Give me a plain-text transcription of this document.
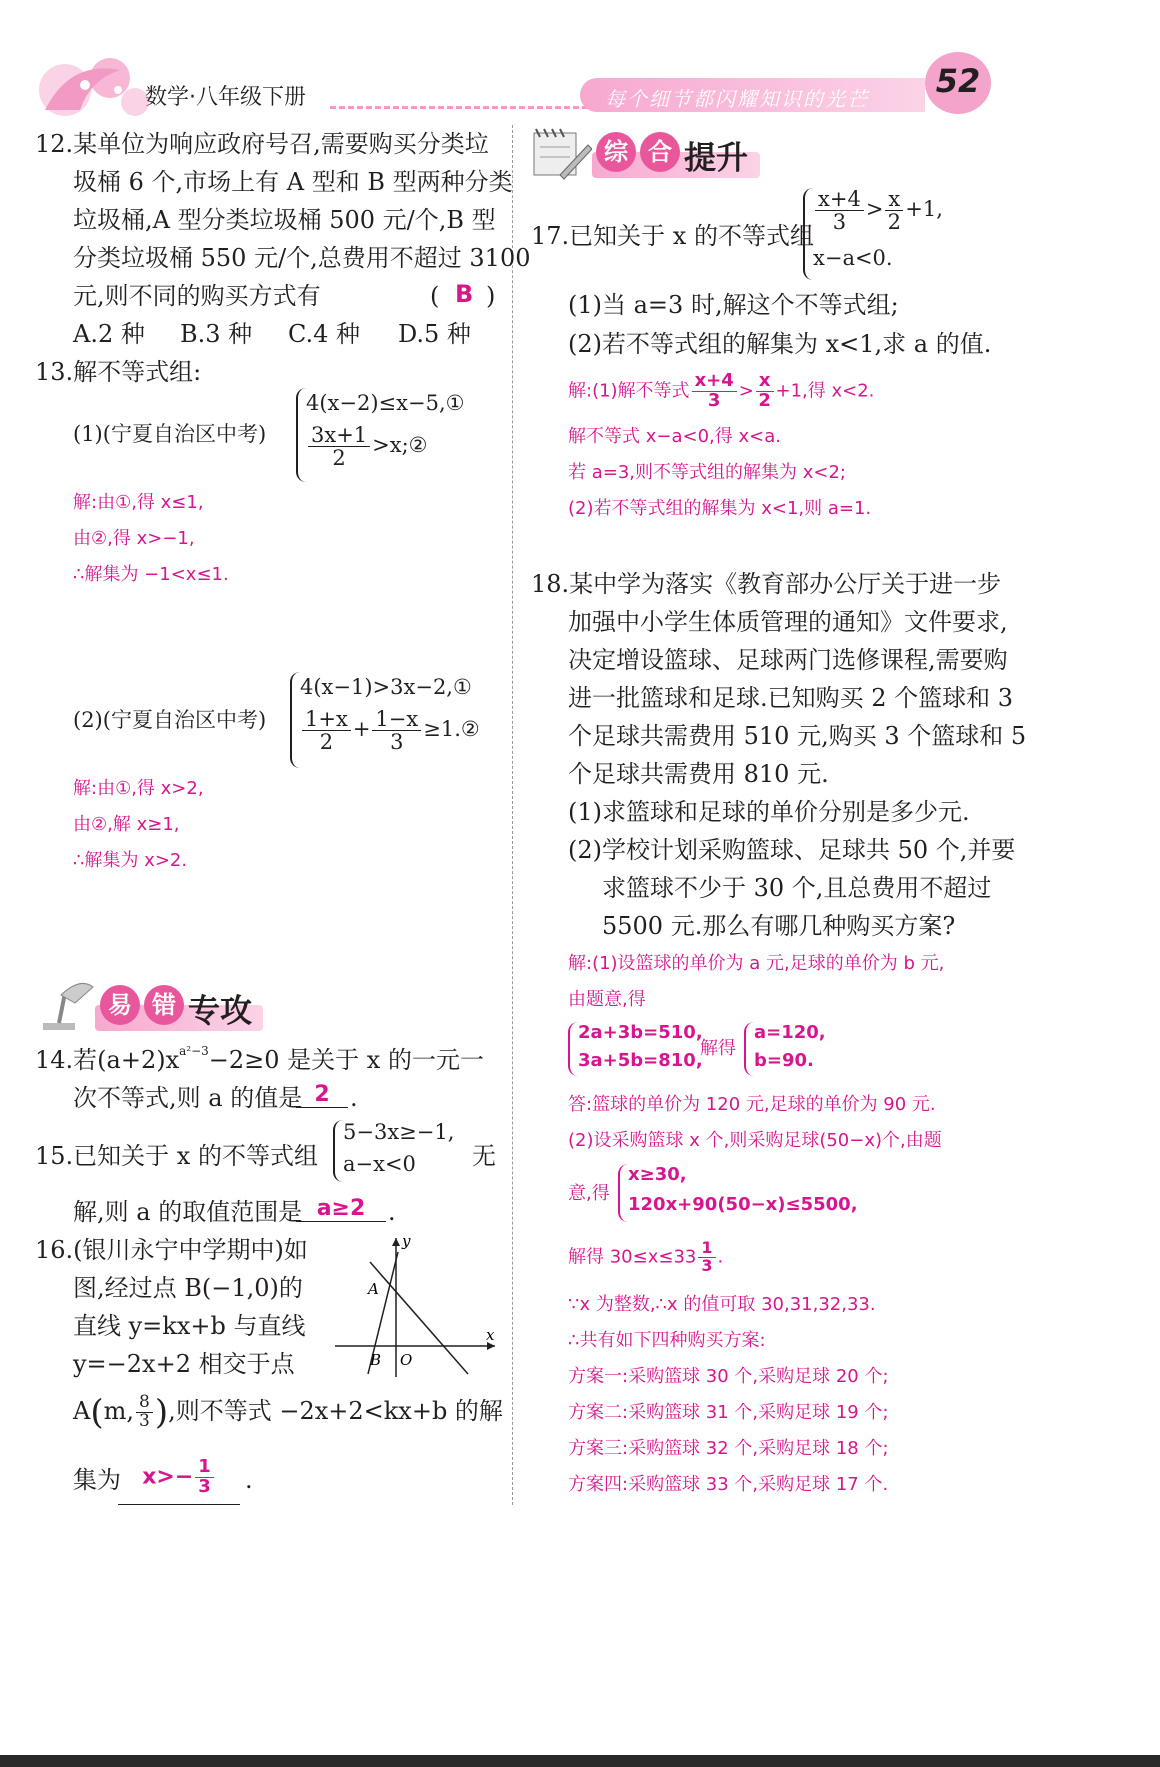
数学·八年级下册	每个细节都闪耀知识的光芒 52
12.某单位为响应政府号召,需要购买分类垃
圾桶 6 个,市场上有 A 型和 B 型两种分类
垃圾桶,A 型分类垃圾桶 500 元/个,B 型
分类垃圾桶 550 元/个,总费用不超过 3100
元,则不同的购买方式有	( B )
A.2 种 B.3 种 C.4 种 D.5 种
13.解不等式组:
(1)(宁夏自治区中考)
4(x−2)≤x−5,①
$\frac{3x+1}{2}$ >x;②
解:由①,得 x≤1,
由②,得 x>−1,
∴解集为 −1<x≤1.
(2)(宁夏自治区中考)
4(x−1)>3x−2,①
$\frac{1+x}{2} + \frac{1-x}{3}$ ≥1.②
解:由①,得 x>2,
由②,解 x≥1,
∴解集为 x>2.
易 错 专攻
14.若$(a+2)x^{a^2-3}-2\ge 0$ 是关于 x 的一元一
次不等式,则 a 的值是 2 .
15.已知关于 x 的不等式组
5−3x≥−1,
a−x<0	无
解,则 a 的取值范围是 a≥2 .
16.(银川永宁中学期中)如
图,经过点 B(−1,0)的
直线 y=kx+b 与直线
y=−2x+2 相交于点
A(m, $\frac{8}{3}$ ),则不等式 −2x+2<kx+b 的解
集为 $x>- \frac{1}{3}$ .
y
x
A
B O
综 合 提升
17.已知关于 x 的不等式组
$\frac{x+4}{3} > \frac{x}{2} +1$,
x−a<0.
(1)当 a=3 时,解这个不等式组;
(2)若不等式组的解集为 x<1,求 a 的值.
解:(1)解不等式 $\frac{x+4}{3} > \frac{x}{2} +1$,得 x<2.
解不等式 x−a<0,得 x<a.
若 a=3,则不等式组的解集为 x<2;
(2)若不等式组的解集为 x<1,则 a=1.
18.某中学为落实《教育部办公厅关于进一步
加强中小学生体质管理的通知》文件要求,
决定增设篮球、足球两门选修课程,需要购
进一批篮球和足球.已知购买 2 个篮球和 3
个足球共需费用 510 元,购买 3 个篮球和 5
个足球共需费用 810 元.
(1)求篮球和足球的单价分别是多少元.
(2)学校计划采购篮球、足球共 50 个,并要
求篮球不少于 30 个,且总费用不超过
5500 元.那么有哪几种购买方案?
解:(1)设篮球的单价为 a 元,足球的单价为 b 元,
由题意,得
2a+3b=510,
3a+5b=810,
解得
a=120,
b=90.
答:篮球的单价为 120 元,足球的单价为 90 元.
(2)设采购篮球 x 个,则采购足球(50−x)个,由题
意,得
x≥30,
120x+90(50−x)≤5500,
解得 $30\le x\le 33 \frac{1}{3}$ .
∵x 为整数,∴x 的值可取 30,31,32,33.
∴共有如下四种购买方案:
方案一:采购篮球 30 个,采购足球 20 个;
方案二:采购篮球 31 个,采购足球 19 个;
方案三:采购篮球 32 个,采购足球 18 个;
方案四:采购篮球 33 个,采购足球 17 个.
